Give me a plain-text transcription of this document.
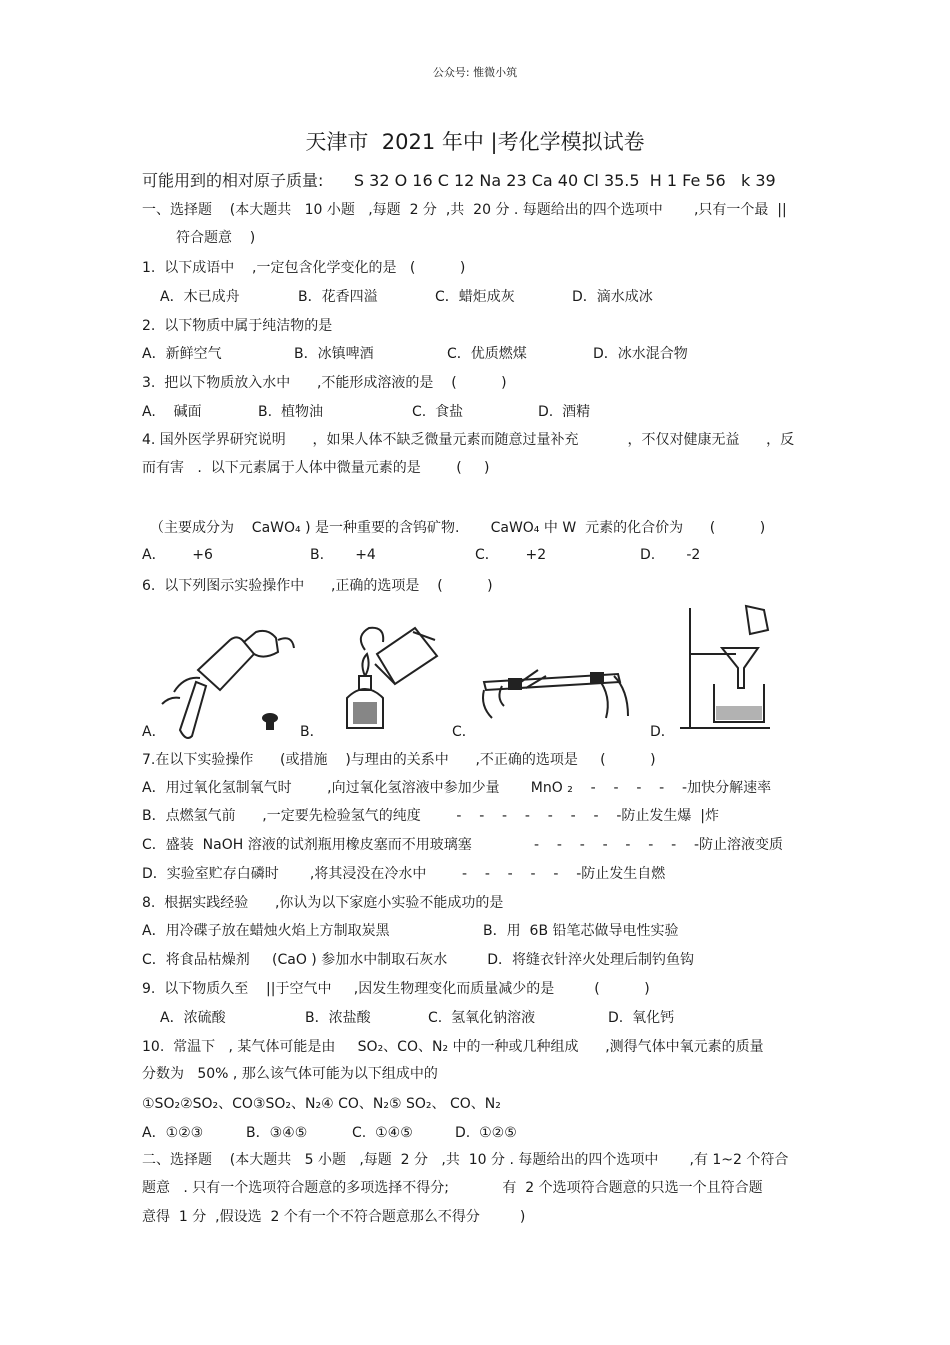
公众号: 惟微小筑
天津市  2021 年中 |考化学模拟试卷
可能用到的相对原子质量:      S 32 O 16 C 12 Na 23 Ca 40 Cl 35.5  H 1 Fe 56   k 39
一、选择题    (本大题共   10 小题   ,每题  2 分  ,共  20 分 . 每题给出的四个选项中       ,只有一个最  ||
符合题意    )
1.  以下成语中    ,一定包含化学变化的是   (          )
A．木已成舟	B．花香四溢	C．蜡炬成灰	D．滴水成冰
2.  以下物质中属于纯洁物的是
A．新鲜空气	B．冰镇啤酒	C．优质燃煤	D．冰水混合物
3.  把以下物质放入水中      ,不能形成溶液的是    (          )
A.    碱面	B.  植物油	C.  食盐	D.  酒精
4. 国外医学界研究说明      ，如果人体不缺乏微量元素而随意过量补充           ，不仅对健康无益      ，反
而有害   .  以下元素属于人体中微量元素的是        (     )
（主要成分为    CaWO₄ ) 是一种重要的含钨矿物.       CaWO₄ 中 W  元素的化合价为      (          )
A．      +6	B.       +4	C．      +2	D.       -2
6.  以下列图示实验操作中      ,正确的选项是    (          )
A．	B．	C．	D．
7.在以下实验操作      (或措施    )与理由的关系中      ,不正确的选项是     (          )
A．用过氧化氢制氧气时        ,向过氧化氢溶液中参加少量       MnO ₂    -    -    -    -    -加快分解速率
B．点燃氢气前      ,一定要先检验氢气的纯度        -    -    -    -    -    -    -    -防止发生爆  |炸
C．盛装  NaOH 溶液的试剂瓶用橡皮塞而不用玻璃塞              -    -    -    -    -    -    -    -防止溶液变质
D．实验室贮存白磷时       ,将其浸没在冷水中        -    -    -    -    -    -防止发生自燃
8.  根据实践经验      ,你认为以下家庭小实验不能成功的是
A．用冷碟子放在蜡烛火焰上方制取炭黑                     B．用  6B 铅笔芯做导电性实验
C．将食品枯燥剂     (CaO ) 参加水中制取石灰水         D．将缝衣针淬火处理后制钓鱼钩
9.  以下物质久至    ||于空气中     ,因发生物理变化而质量减少的是         (          )
A．浓硫酸	B．浓盐酸	C.  氢氧化钠溶液	D.  氧化钙
10.  常温下   , 某气体可能是由     SO₂、CO、N₂ 中的一种或几种组成      ,测得气体中氧元素的质量
分数为   50% , 那么该气体可能为以下组成中的
①SO₂②SO₂、CO③SO₂、N₂④ CO、N₂⑤ SO₂、 CO、N₂
A．①②③	B．③④⑤	C.  ①④⑤	D.  ①②⑤
二、选择题    (本大题共   5 小题   ,每题  2 分   ,共  10 分 . 每题给出的四个选项中       ,有 1~2 个符合
题意   . 只有一个选项符合题意的多项选择不得分;            有  2 个选项符合题意的只选一个且符合题
意得  1 分  ,假设选  2 个有一个不符合题意那么不得分         )
